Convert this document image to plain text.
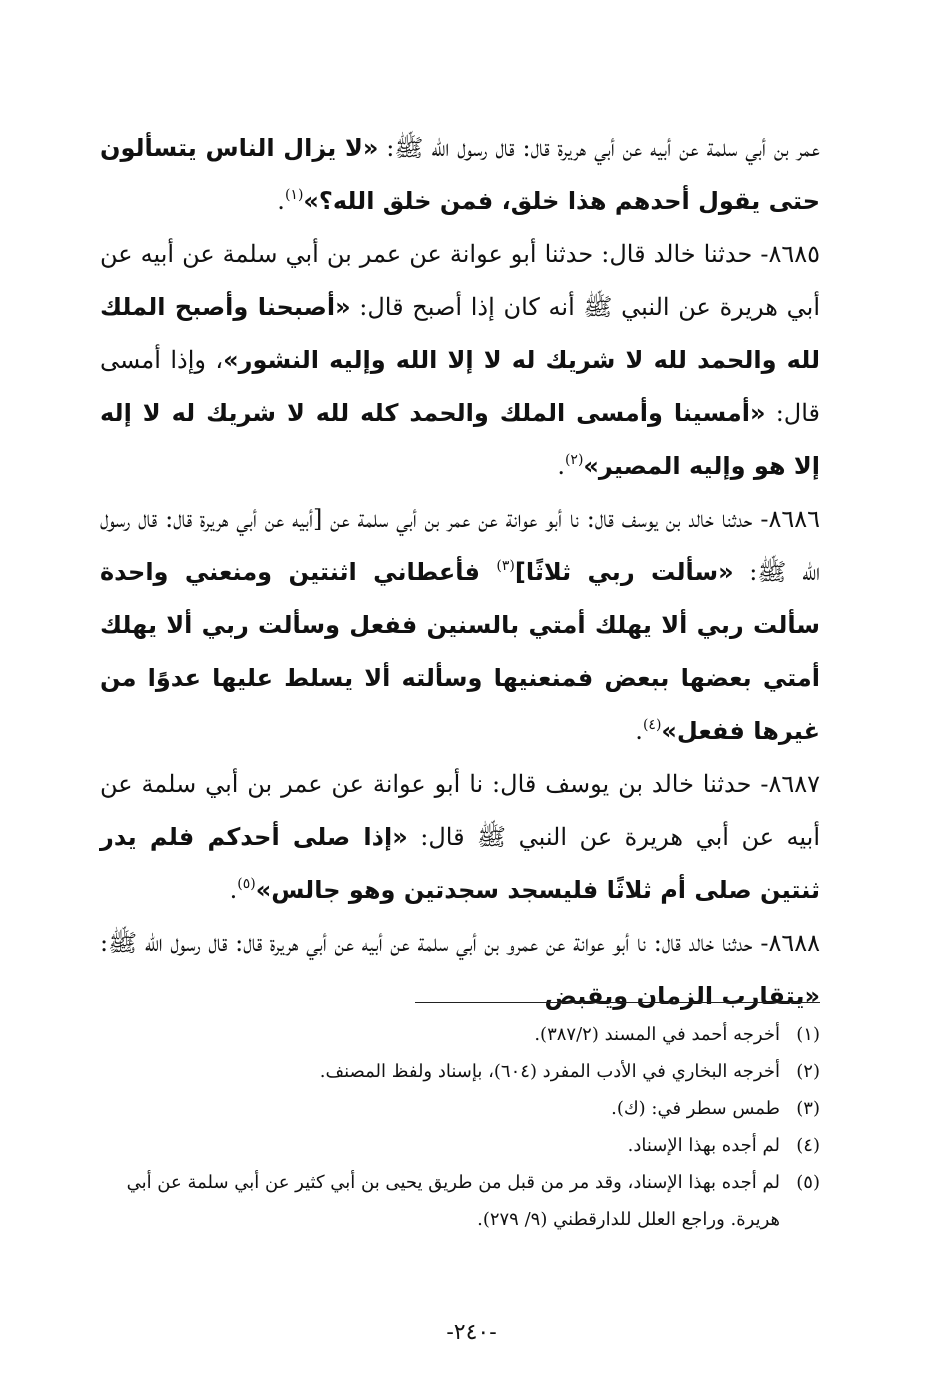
عمر بن أبي سلمة عن أبيه عن أبي هريرة قال: قال رسول الله ﷺ: «لا يزال الناس يتسألون حتى يقول أحدهم هذا خلق، فمن خلق الله؟»$^{(١)}$.

٨٦٨٥- حدثنا خالد قال: حدثنا أبو عوانة عن عمر بن أبي سلمة عن أبيه عن أبي هريرة عن النبي ﷺ أنه كان إذا أصبح قال: «أصبحنا وأصبح الملك لله والحمد لله لا شريك له لا إلا الله وإليه النشور»، وإذا أمسى قال: «أمسينا وأمسى الملك والحمد كله لله لا شريك له لا إله إلا هو وإليه المصير»$^{(٢)}$.

٨٦٨٦- حدثنا خالد بن يوسف قال: نا أبو عوانة عن عمر بن أبي سلمة عن [أبيه عن أبي هريرة قال: قال رسول الله ﷺ: «سألت ربي ثلاثًا]$^{(٣)}$ فأعطاني اثنتين ومنعني واحدة سألت ربي ألا يهلك أمتي بالسنين ففعل وسألت ربي ألا يهلك أمتي بعضها ببعض فمنعنيها وسألته ألا يسلط عليها عدوًا من غيرها ففعل»$^{(٤)}$.

٨٦٨٧- حدثنا خالد بن يوسف قال: نا أبو عوانة عن عمر بن أبي سلمة عن أبيه عن أبي هريرة عن النبي ﷺ قال: «إذا صلى أحدكم فلم يدر ثنتين صلى أم ثلاثًا فليسجد سجدتين وهو جالس»$^{(٥)}$.

٨٦٨٨- حدثنا خالد قال: نا أبو عوانة عن عمرو بن أبي سلمة عن أبيه عن أبي هريرة قال: قال رسول الله ﷺ: «يتقارب الزمان ويقبض

(١)أخرجه أحمد في المسند (٣٨٧/٢).

(٢)أخرجه البخاري في الأدب المفرد (٦٠٤)، بإسناد ولفظ المصنف.

(٣)طمس سطر في: (ك).

(٤)لم أجده بهذا الإسناد.

(٥)لم أجده بهذا الإسناد، وقد مر من قبل من طريق يحيى بن أبي كثير عن أبي سلمة عن أبي هريرة. وراجع العلل للدارقطني (٩/ ٢٧٩).

-٢٤٠-
